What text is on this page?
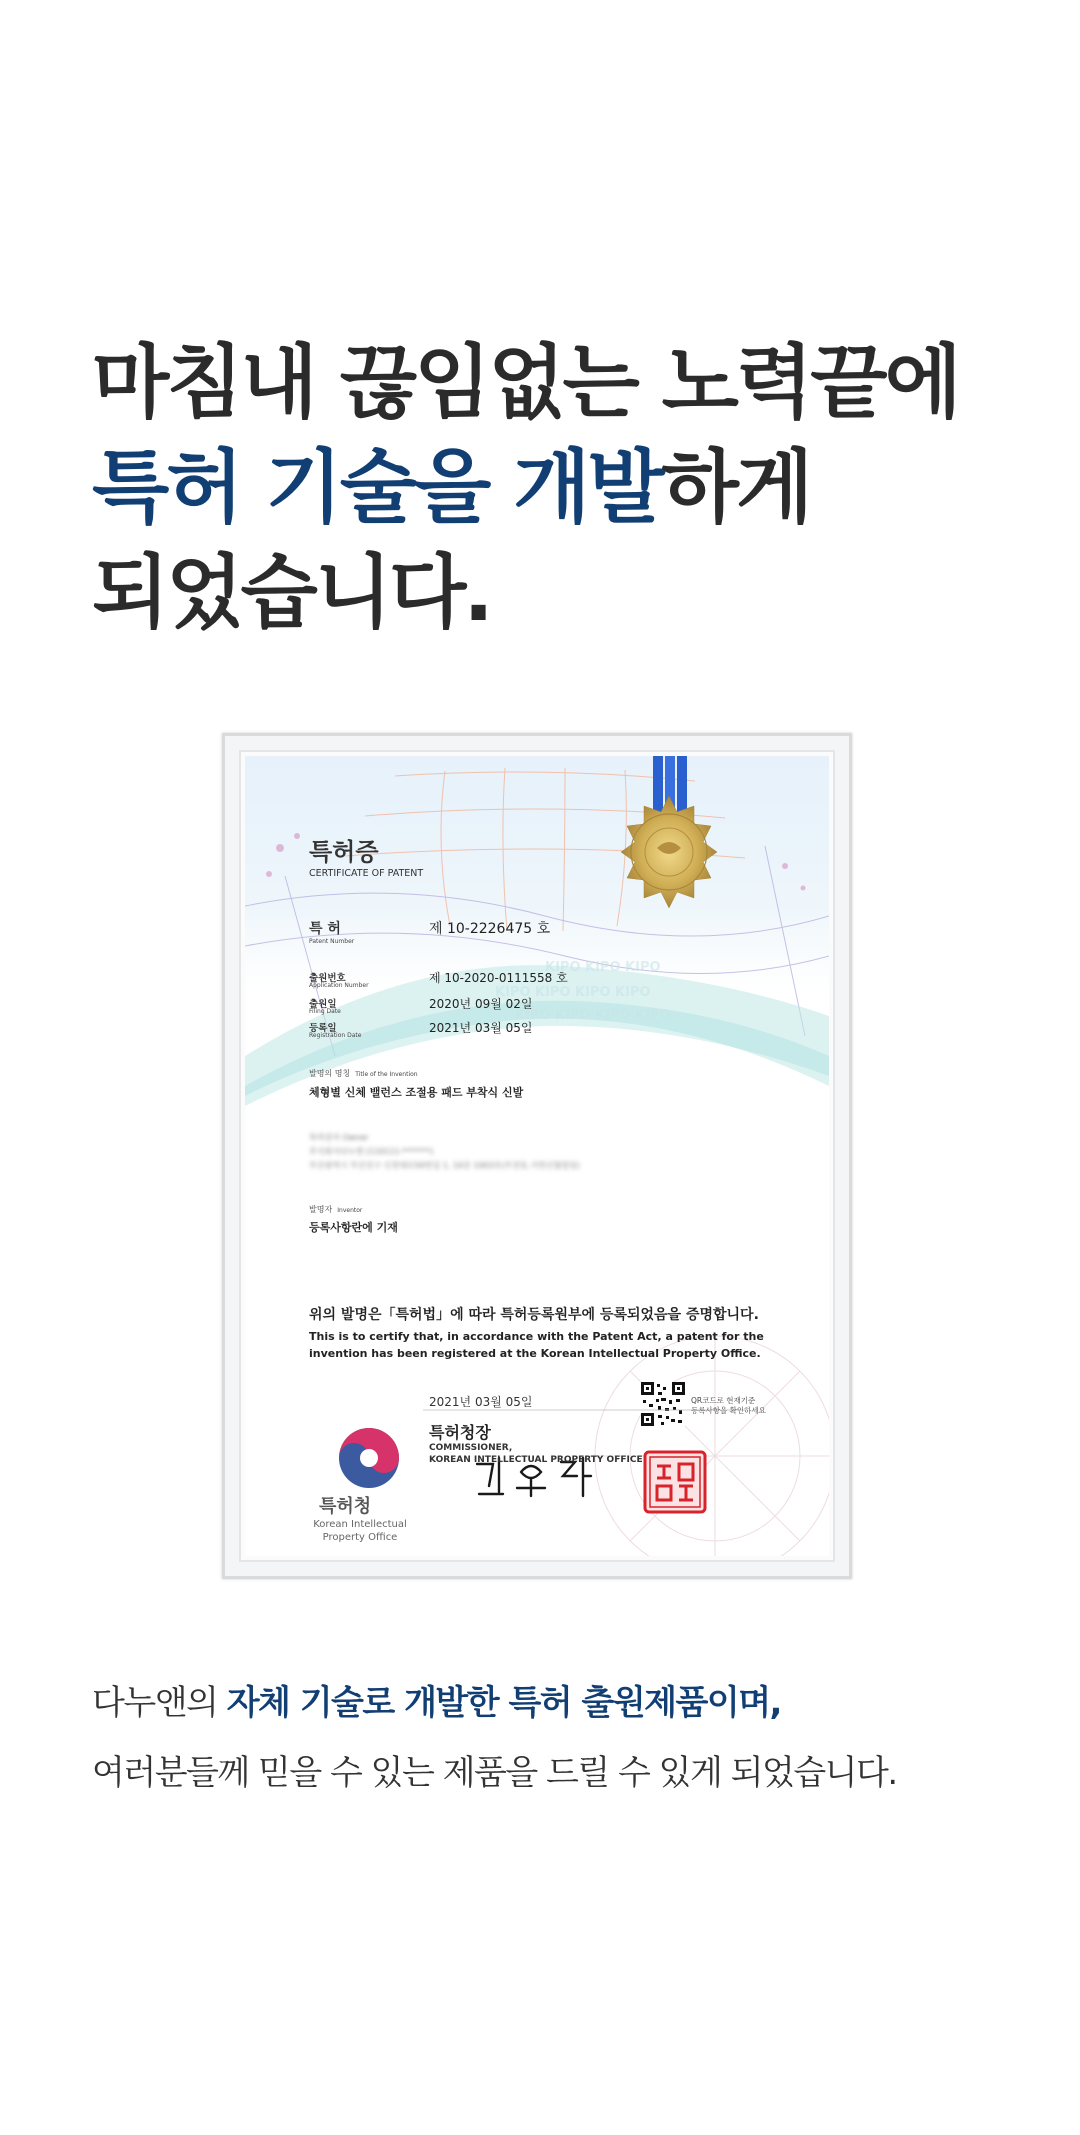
마침내 끊임없는 노력끝에
특허 기술을 개발하게
되었습니다.
KIPO KIPO KIPO
KIPO KIPO KIPO KIPO
KIPO KIPO KIPO KIPO
특허증
CERTIFICATE OF PATENT
특 허
Patent Number
제 10-2226475 호
출원번호
Application Number
제 10-2020-0111558 호
출원일
Filing Date
2020년 09월 02일
등록일
Registration Date
2021년 03월 05일
발명의 명칭 Title of the Invention
체형별 신체 밸런스 조절용 패드 부착식 신발
특허권자 Owner
주식회사다누앤 (110111-*******)
부산광역시 부산진구 신천대로50번길 1, 10층 1003호(부전동,서면신협빌딩)
발명자 Inventor
등록사항란에 기재
위의 발명은「특허법」에 따라 특허등록원부에 등록되었음을 증명합니다.
This is to certify that, in accordance with the Patent Act, a patent for the invention has been registered at the Korean Intellectual Property Office.
2021년 03월 05일	QR코드로 현재기준
등록사항을 확인하세요
특허청장
COMMISSIONER,
KOREAN INTELLECTUAL PROPERTY OFFICE
특허청
Korean Intellectual Property Office
다누앤의 자체 기술로 개발한 특허 출원제품이며,
여러분들께 믿을 수 있는 제품을 드릴 수 있게 되었습니다.
